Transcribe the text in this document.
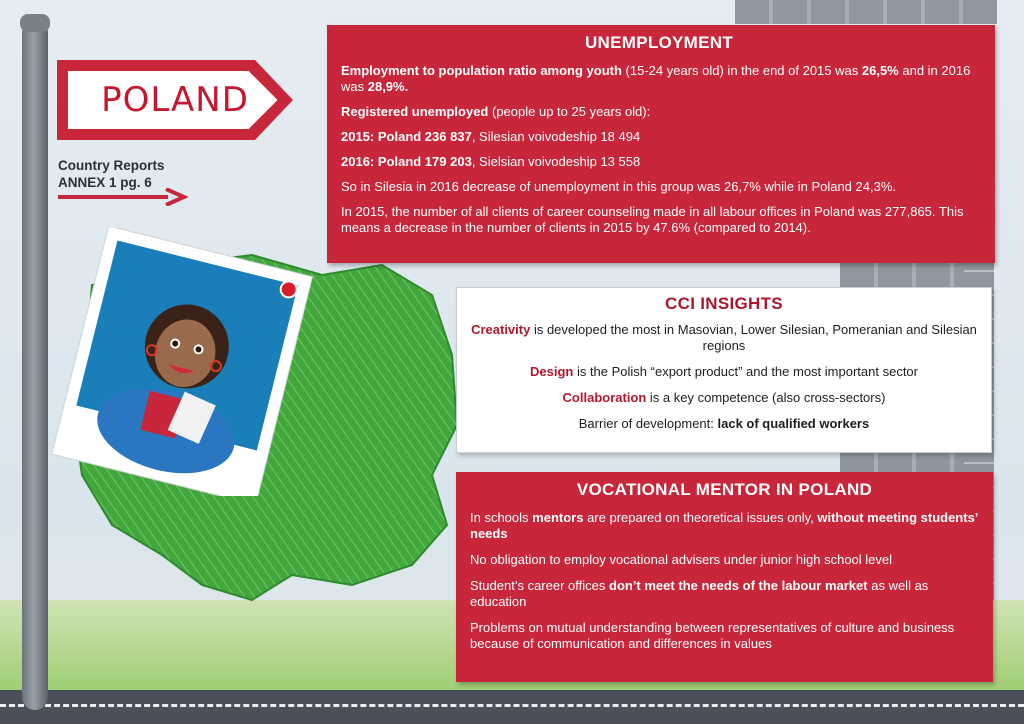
POLAND
Country Reports
ANNEX 1 pg. 6
UNEMPLOYMENT

Employment to population ratio among youth (15-24 years old) in the end of 2015 was 26,5% and in 2016 was 28,9%.

Registered unemployed (people up to 25 years old):

2015: Poland 236 837, Silesian voivodeship 18 494

2016: Poland 179 203, Sielsian voivodeship 13 558

So in Silesia in 2016 decrease of unemployment in this group was 26,7% while in Poland 24,3%.

In 2015, the number of all clients of career counseling made in all labour offices in Poland was 277,865. This means a decrease in the number of clients in 2015 by 47.6% (compared to 2014).

CCI INSIGHTS

Creativity is developed the most in Masovian, Lower Silesian, Pomeranian and Silesian regions

Design is the Polish “export product” and the most important sector

Collaboration is a key competence (also cross-sectors)

Barrier of development: lack of qualified workers

VOCATIONAL MENTOR IN POLAND

In schools mentors are prepared on theoretical issues only, without meeting students’ needs

No obligation to employ vocational advisers under junior high school level

Student’s career offices don’t meet the needs of the labour market as well as education

Problems on mutual understanding between representatives of culture and business because of communication and differences in values
